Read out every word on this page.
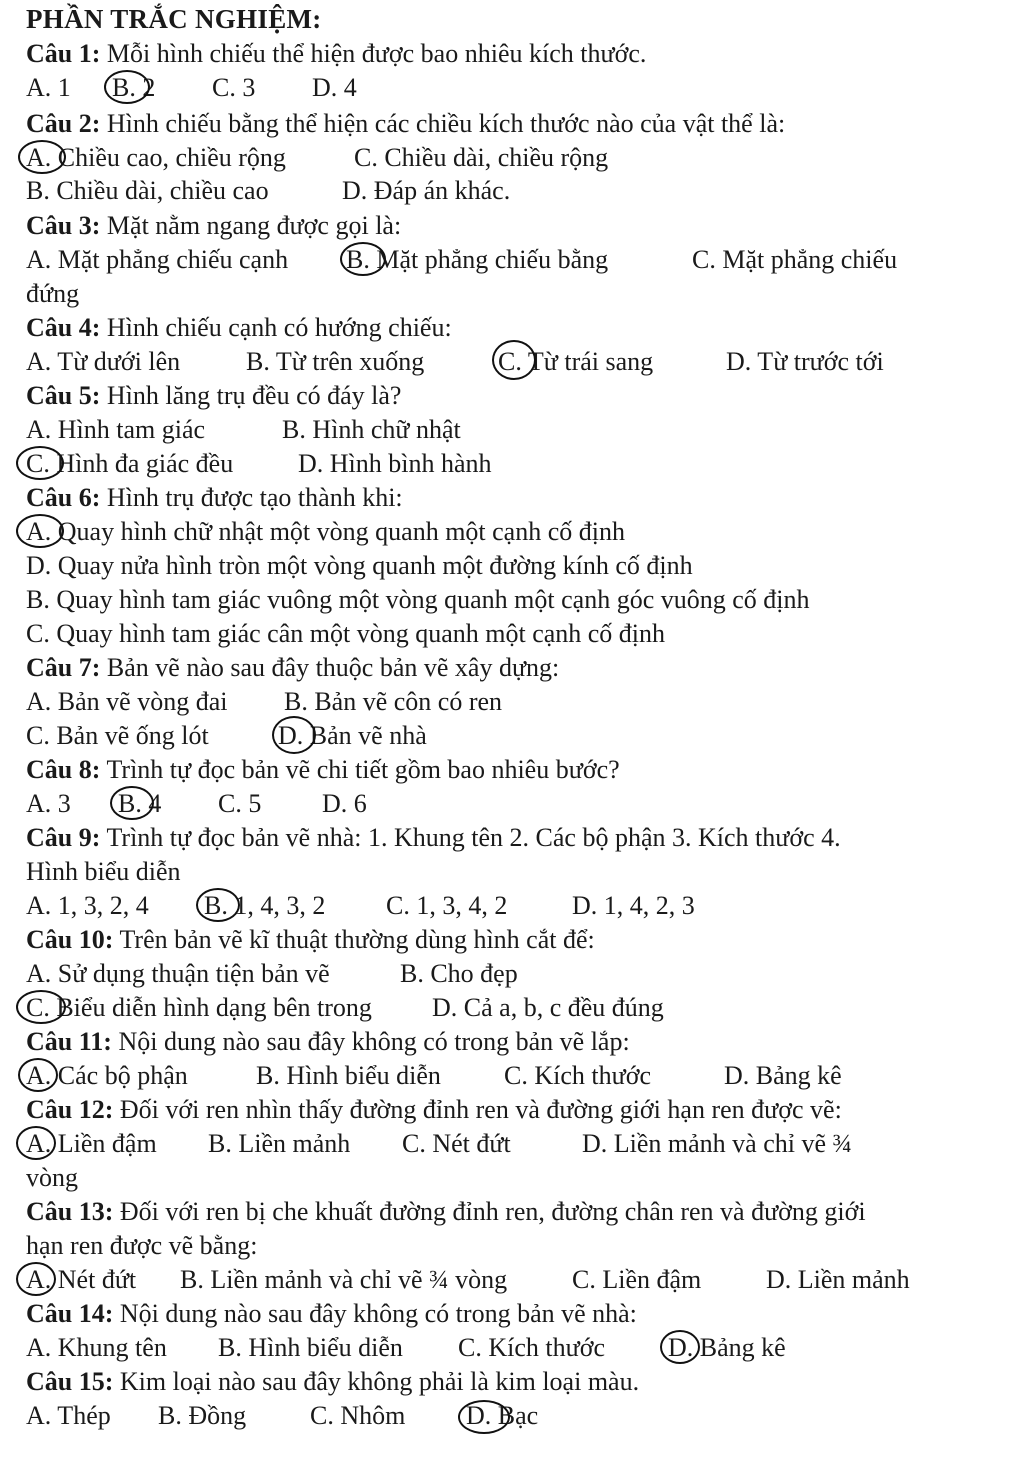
PHẦN TRẮC NGHIỆM:
Câu 1: Mỗi hình chiếu thể hiện được bao nhiêu kích thước.
A. 1 B. 2 C. 3 D. 4
Câu 2: Hình chiếu bằng thể hiện các chiều kích thước nào của vật thể là:
A. Chiều cao, chiều rộng	C. Chiều dài, chiều rộng
B. Chiều dài, chiều cao	D. Đáp án khác.
Câu 3: Mặt nằm ngang được gọi là:
A. Mặt phẳng chiếu cạnh B. Mặt phẳng chiếu bằng	C. Mặt phẳng chiếu
đứng
Câu 4: Hình chiếu cạnh có hướng chiếu:
A. Từ dưới lên	B. Từ trên xuống	C. Từ trái sang	D. Từ trước tới
Câu 5: Hình lăng trụ đều có đáy là?
A. Hình tam giác	B. Hình chữ nhật
C. Hình đa giác đều D. Hình bình hành
Câu 6: Hình trụ được tạo thành khi:
A. Quay hình chữ nhật một vòng quanh một cạnh cố định
D. Quay nửa hình tròn một vòng quanh một đường kính cố định
B. Quay hình tam giác vuông một vòng quanh một cạnh góc vuông cố định
C. Quay hình tam giác cân một vòng quanh một cạnh cố định
Câu 7: Bản vẽ nào sau đây thuộc bản vẽ xây dựng:
A. Bản vẽ vòng đai B. Bản vẽ côn có ren
C. Bản vẽ ống lót	D. Bản vẽ nhà
Câu 8: Trình tự đọc bản vẽ chi tiết gồm bao nhiêu bước?
A. 3 B. 4 C. 5 D. 6
Câu 9: Trình tự đọc bản vẽ nhà: 1. Khung tên 2. Các bộ phận 3. Kích thước 4.
Hình biểu diễn
A. 1, 3, 2, 4 B. 1, 4, 3, 2 C. 1, 3, 4, 2 D. 1, 4, 2, 3
Câu 10: Trên bản vẽ kĩ thuật thường dùng hình cắt để:
A. Sử dụng thuận tiện bản vẽ	B. Cho đẹp
C. Biểu diễn hình dạng bên trong D. Cả a, b, c đều đúng
Câu 11: Nội dung nào sau đây không có trong bản vẽ lắp:
A. Các bộ phận	B. Hình biểu diễn C. Kích thước	D. Bảng kê
Câu 12: Đối với ren nhìn thấy đường đỉnh ren và đường giới hạn ren được vẽ:
A. Liền đậm B. Liền mảnh C. Nét đứt	D. Liền mảnh và chỉ vẽ ¾
vòng
Câu 13: Đối với ren bị che khuất đường đỉnh ren, đường chân ren và đường giới
hạn ren được vẽ bằng:
A. Nét đứt B. Liền mảnh và chỉ vẽ ¾ vòng C. Liền đậm D. Liền mảnh
Câu 14: Nội dung nào sau đây không có trong bản vẽ nhà:
A. Khung tên B. Hình biểu diễn C. Kích thước D. Bảng kê
Câu 15: Kim loại nào sau đây không phải là kim loại màu.
A. Thép B. Đồng C. Nhôm D. Bạc
